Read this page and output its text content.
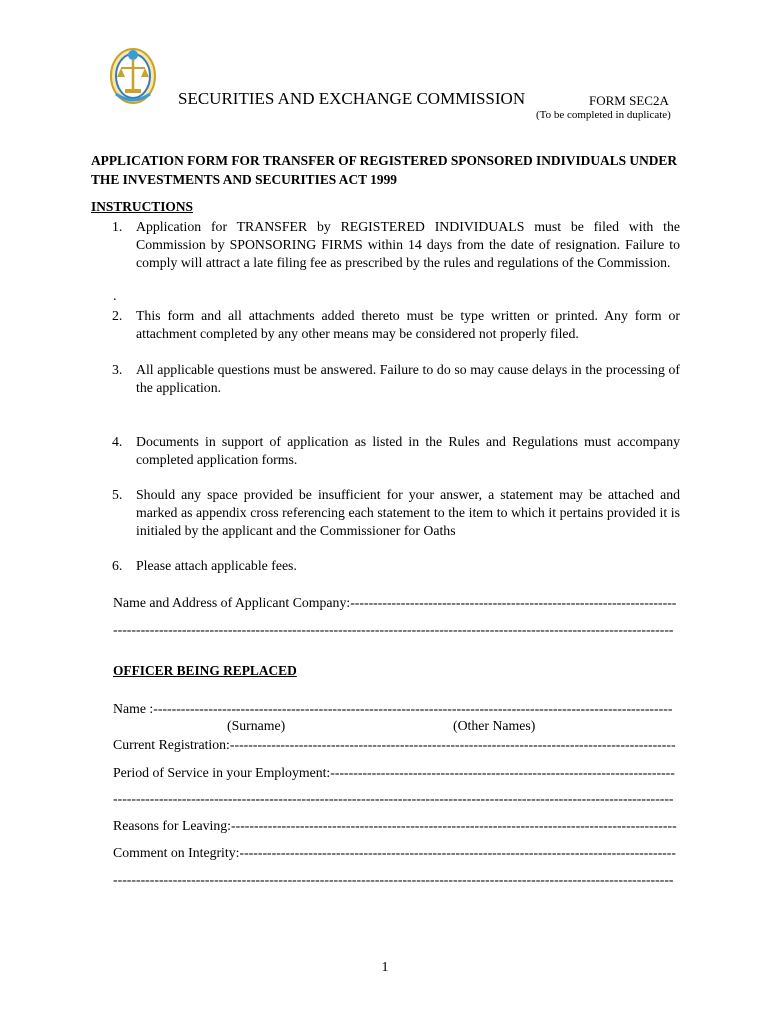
SECURITIES AND EXCHANGE COMMISSION	FORM SEC2A
(To be completed in duplicate)
APPLICATION FORM FOR TRANSFER OF REGISTERED SPONSORED INDIVIDUALS UNDER THE INVESTMENTS AND SECURITIES ACT 1999
INSTRUCTIONS
1. Application for TRANSFER by REGISTERED INDIVIDUALS must be filed with the Commission by SPONSORING FIRMS within 14 days from the date of resignation. Failure to comply will attract a late filing fee as prescribed by the rules and regulations of the Commission.
.
2. This form and all attachments added thereto must be type written or printed. Any form or attachment completed by any other means may be considered not properly filed.
3. All applicable questions must be answered. Failure to do so may cause delays in the processing of the application.
4. Documents in support of application as listed in the Rules and Regulations must accompany completed application forms.
5. Should any space provided be insufficient for your answer, a statement may be attached and marked as appendix cross referencing each statement to the item to which it pertains provided it is initialed by the applicant and the Commissioner for Oaths
6. Please attach applicable fees.
Name and Address of Applicant Company:-----------------------------------------------------------------------
--------------------------------------------------------------------------------------------------------------------------
OFFICER BEING REPLACED
Name :-----------------------------------------------------------------------------------------------------------------
(Surname)	(Other Names)
Current Registration:-------------------------------------------------------------------------------------------------
Period of Service in your Employment:---------------------------------------------------------------------------
--------------------------------------------------------------------------------------------------------------------------
Reasons for Leaving:-------------------------------------------------------------------------------------------------
Comment on Integrity:-----------------------------------------------------------------------------------------------
--------------------------------------------------------------------------------------------------------------------------
1
